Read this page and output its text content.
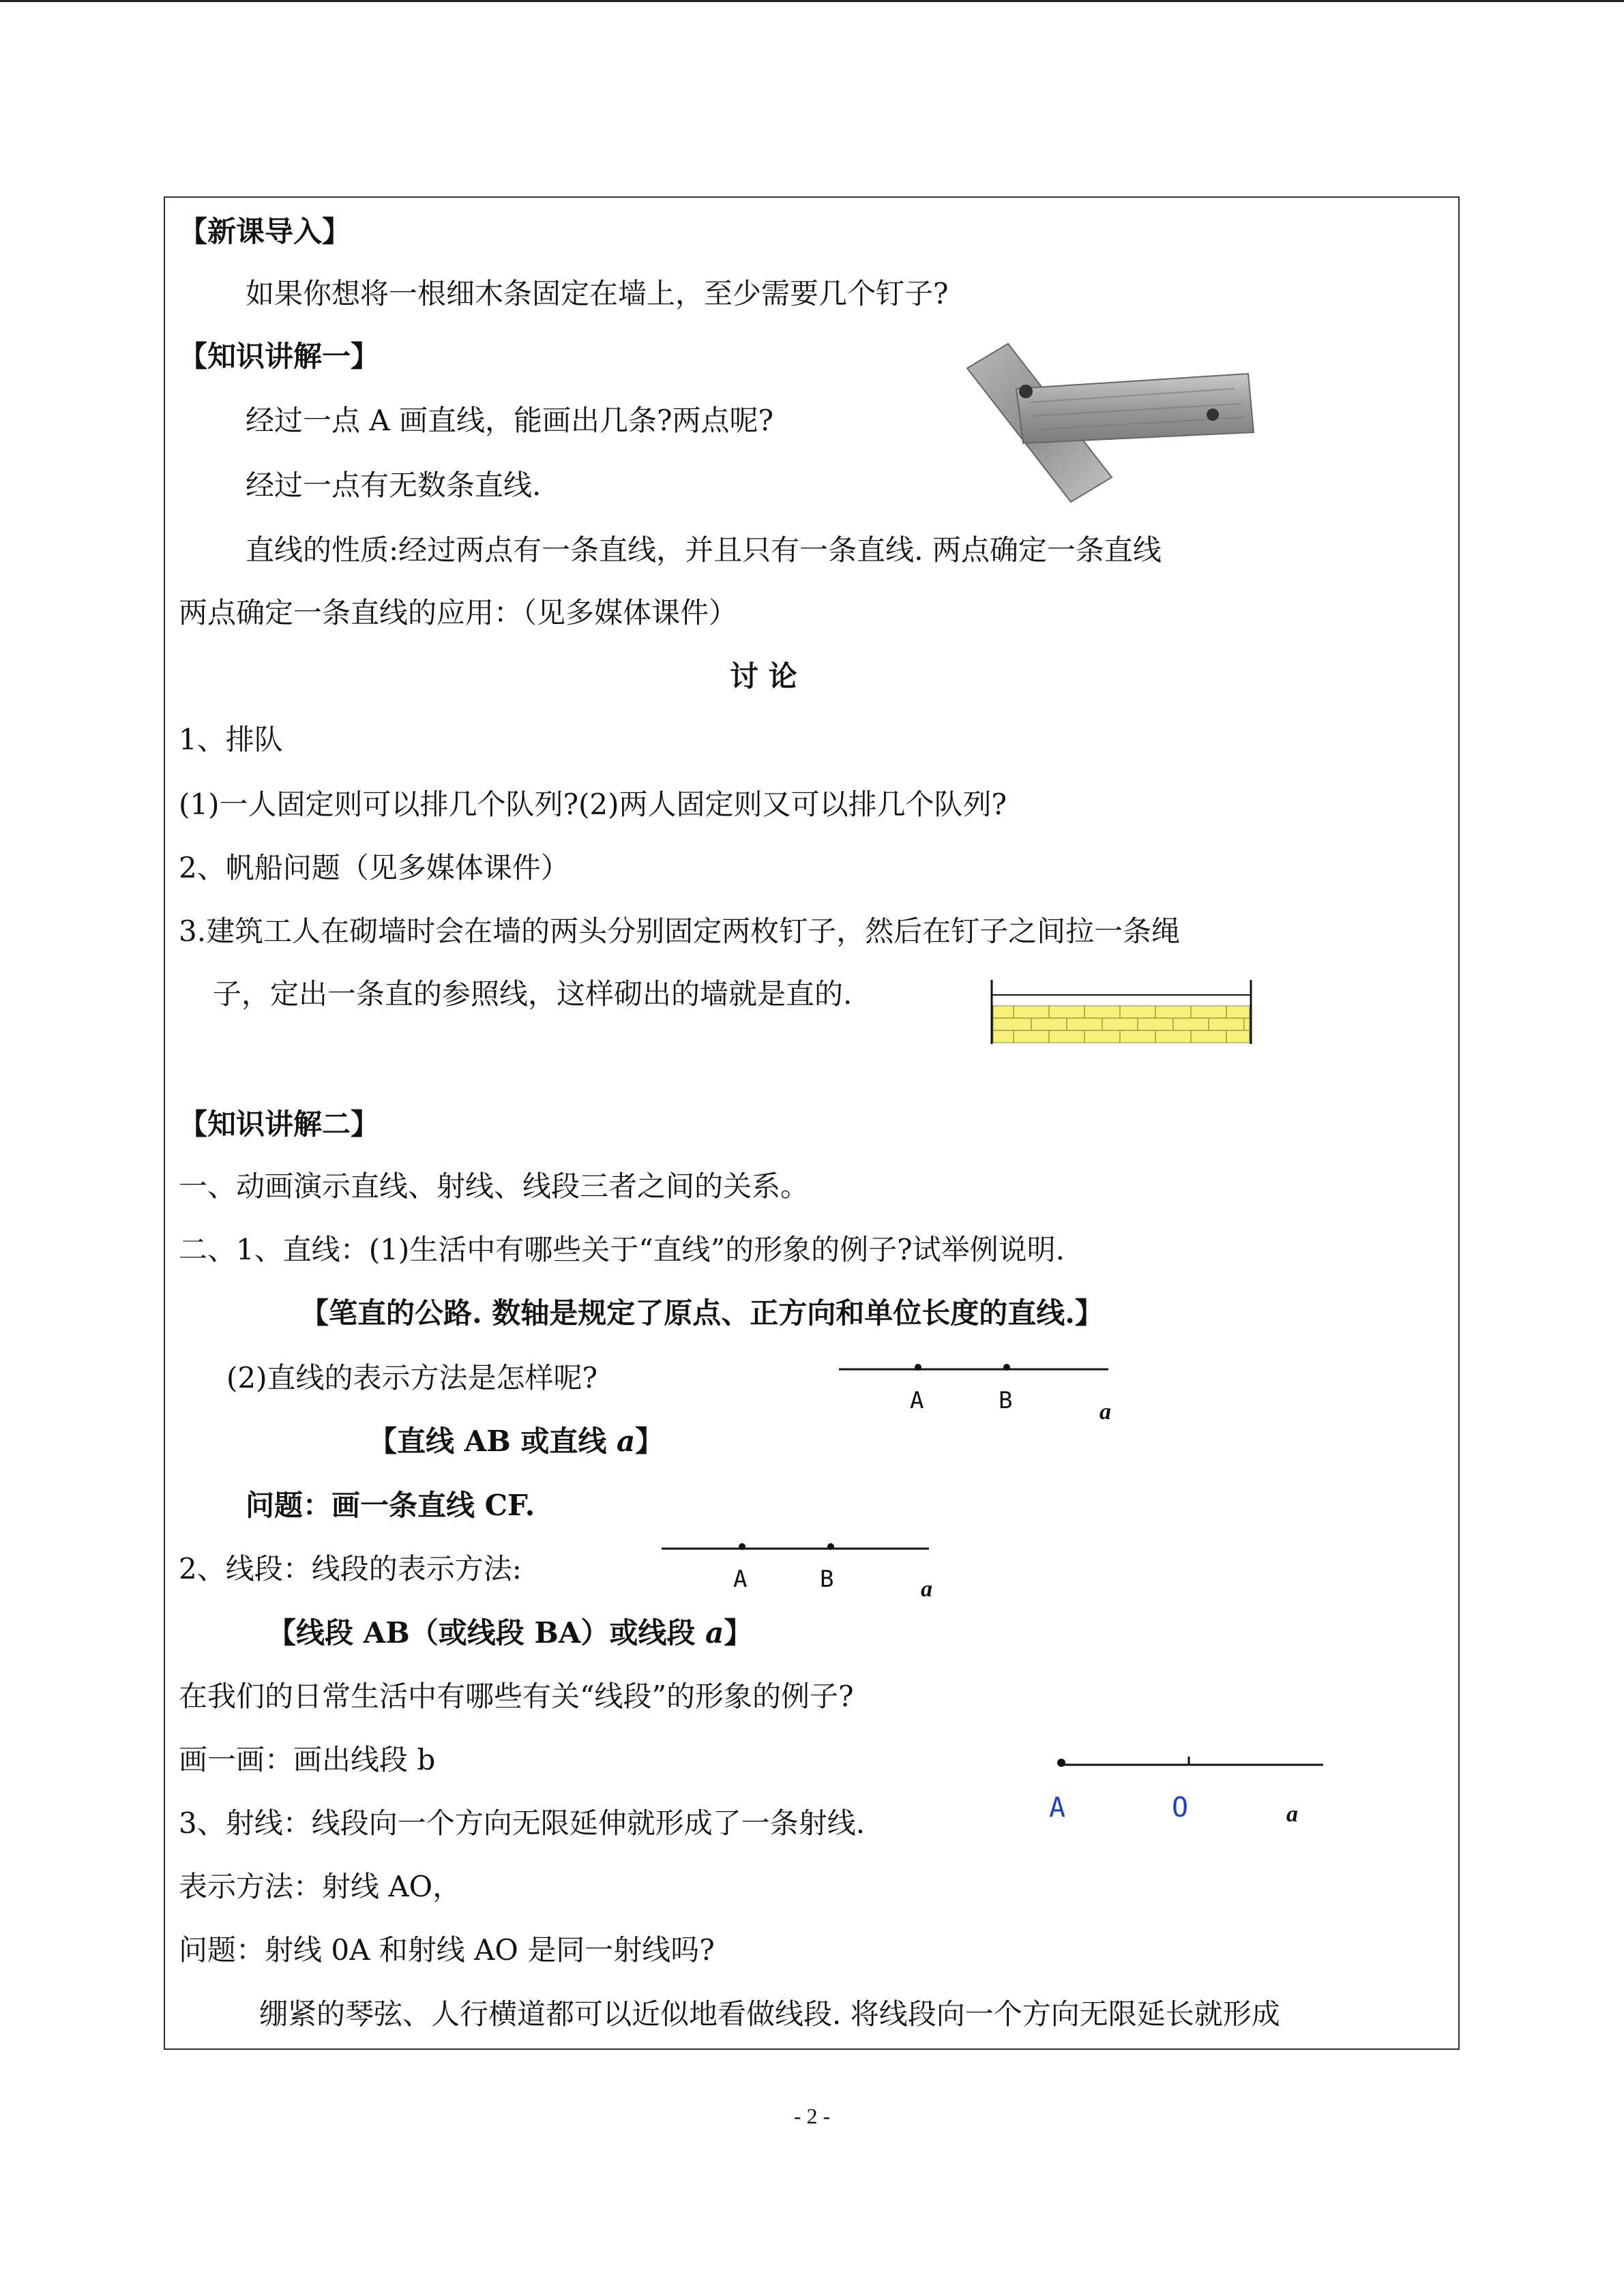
【新课导入】
如果你想将一根细木条固定在墙上，至少需要几个钉子?
【知识讲解一】
经过一点 A 画直线，能画出几条?两点呢?
经过一点有无数条直线.
直线的性质:经过两点有一条直线，并且只有一条直线. 两点确定一条直线
两点确定一条直线的应用：（见多媒体课件）
讨 论
1、排队
(1)一人固定则可以排几个队列?(2)两人固定则又可以排几个队列?
2、帆船问题（见多媒体课件）
3.建筑工人在砌墙时会在墙的两头分别固定两枚钉子，然后在钉子之间拉一条绳
子，定出一条直的参照线，这样砌出的墙就是直的.
【知识讲解二】
一、动画演示直线、射线、线段三者之间的关系。
二、1、直线：(1)生活中有哪些关于“直线”的形象的例子?试举例说明.
【笔直的公路. 数轴是规定了原点、正方向和单位长度的直线.】
(2)直线的表示方法是怎样呢?
【直线 AB 或直线 a】
问题：画一条直线 CF.
2、线段：线段的表示方法:
【线段 AB（或线段 BA）或线段 a】
在我们的日常生活中有哪些有关“线段”的形象的例子?
画一画：画出线段 b
3、射线：线段向一个方向无限延伸就形成了一条射线.
表示方法：射线 AO，
问题：射线 0A 和射线 AO 是同一射线吗?
绷紧的琴弦、人行横道都可以近似地看做线段. 将线段向一个方向无限延长就形成
A	B	a
A	B	a
A	O	a
- 2 -
